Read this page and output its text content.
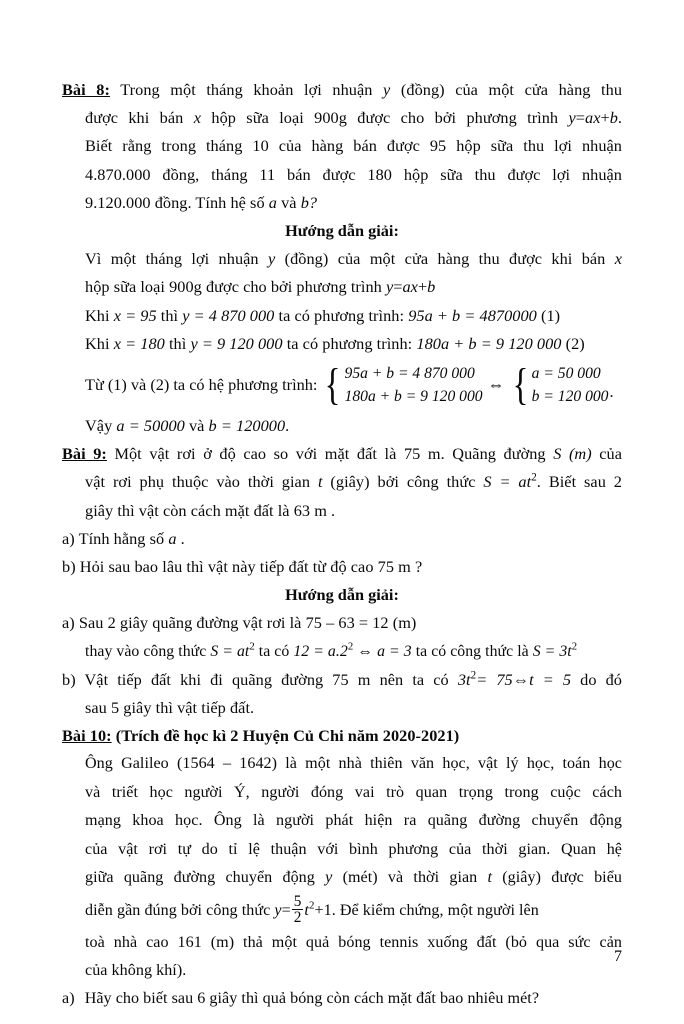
Bài 8: Trong một tháng khoản lợi nhuận y (đồng) của một cửa hàng thu
được khi bán x hộp sữa loại 900g được cho bởi phương trình y=ax+b.
Biết rằng trong tháng 10 của hàng bán được 95 hộp sữa thu lợi nhuận
4.870.000 đồng, tháng 11 bán được 180 hộp sữa thu được lợi nhuận
9.120.000 đồng. Tính hệ số a và b?
Hướng dẫn giải:
Vì một tháng lợi nhuận y (đồng) của một cửa hàng thu được khi bán x
hộp sữa loại 900g được cho bởi phương trình y=ax+b
Khi x = 95 thì y = 4 870 000 ta có phương trình: 95a + b = 4870000 (1)
Khi x = 180 thì y = 9 120 000 ta có phương trình: 180a + b = 9 120 000 (2)
Từ (1) và (2) ta có hệ phương trình: { 95a + b = 4 870 000
180a + b = 9 120 000
⇔ { a = 50 000
b = 120 000 .
Vậy a = 50000 và b = 120000.
Bài 9: Một vật rơi ở độ cao so với mặt đất là 75 m. Quãng đường S (m) của
vật rơi phụ thuộc vào thời gian t (giây) bởi công thức $S = at^2$. Biết sau 2
giây thì vật còn cách mặt đất là 63 m .
a) Tính hằng số a .
b) Hỏi sau bao lâu thì vật này tiếp đất từ độ cao 75 m ?
Hướng dẫn giải:
a) Sau 2 giây quãng đường vật rơi là 75 – 63 = 12 (m)
thay vào công thức $S = at^2$ ta có $12 = a.2^2$ ⇔ a = 3 ta có công thức là $S = 3t^2$
b) Vật tiếp đất khi đi quãng đường 75 m nên ta có $3t^2=$ 75⇔t = 5 do đó
sau 5 giây thì vật tiếp đất.
Bài 10: (Trích đề học kì 2 Huyện Củ Chi năm 2020-2021)
Ông Galileo (1564 – 1642) là một nhà thiên văn học, vật lý học, toán học
và triết học người Ý, người đóng vai trò quan trọng trong cuộc cách
mạng khoa học. Ông là người phát hiện ra quãng đường chuyển động
của vật rơi tự do tỉ lệ thuận với bình phương của thời gian. Quan hệ
giữa quãng đường chuyển động y (mét) và thời gian t (giây) được biểu
diễn gần đúng bởi công thức $y= \frac{5}{2} t^2+1$. Để kiểm chứng, một người lên
toà nhà cao 161 (m) thả một quả bóng tennis xuống đất (bỏ qua sức cản
của không khí).
a) Hãy cho biết sau 6 giây thì quả bóng còn cách mặt đất bao nhiêu mét?
7
